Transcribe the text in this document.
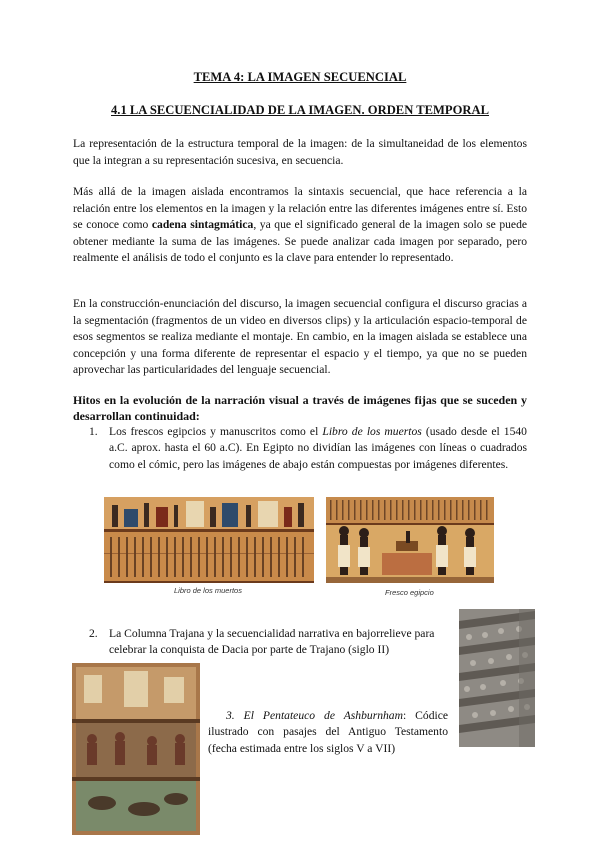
TEMA 4: LA IMAGEN SECUENCIAL
4.1 LA SECUENCIALIDAD DE LA IMAGEN. ORDEN TEMPORAL

La representación de la estructura temporal de la imagen: de la simultaneidad de los elementos que la integran a su representación sucesiva, en secuencia.

Más allá de la imagen aislada encontramos la sintaxis secuencial, que hace referencia a la relación entre los elementos en la imagen y la relación entre las diferentes imágenes entre sí. Esto se conoce como cadena sintagmática, ya que el significado general de la imagen solo se puede obtener mediante la suma de las imágenes. Se puede analizar cada imagen por separado, pero realmente el análisis de todo el conjunto es la clave para entender lo representado.

En la construcción-enunciación del discurso, la imagen secuencial configura el discurso gracias a la segmentación (fragmentos de un video en diversos clips) y la articulación espacio-temporal de esos segmentos se realiza mediante el montaje. En cambio, en la imagen aislada se establece una concepción y una forma diferente de representar el espacio y el tiempo, ya que no se pueden aprovechar las particularidades del lenguaje secuencial.

Hitos en la evolución de la narración visual a través de imágenes fijas que se suceden y desarrollan continuidad:

1. Los frescos egipcios y manuscritos como el Libro de los muertos (usado desde el 1540 a.C. aprox. hasta el 60 a.C). En Egipto no dividían las imágenes con líneas o cuadrados como el cómic, pero las imágenes de abajo están compuestas por imágenes diferentes.

Libro de los muertos	Fresco egipcio
2. La Columna Trajana y la secuencialidad narrativa en bajorrelieve para celebrar la conquista de Dacia por parte de Trajano (siglo II)

3. El Pentateuco de Ashburnham: Códice ilustrado con pasajes del Antiguo Testamento (fecha estimada entre los siglos V a VII)
